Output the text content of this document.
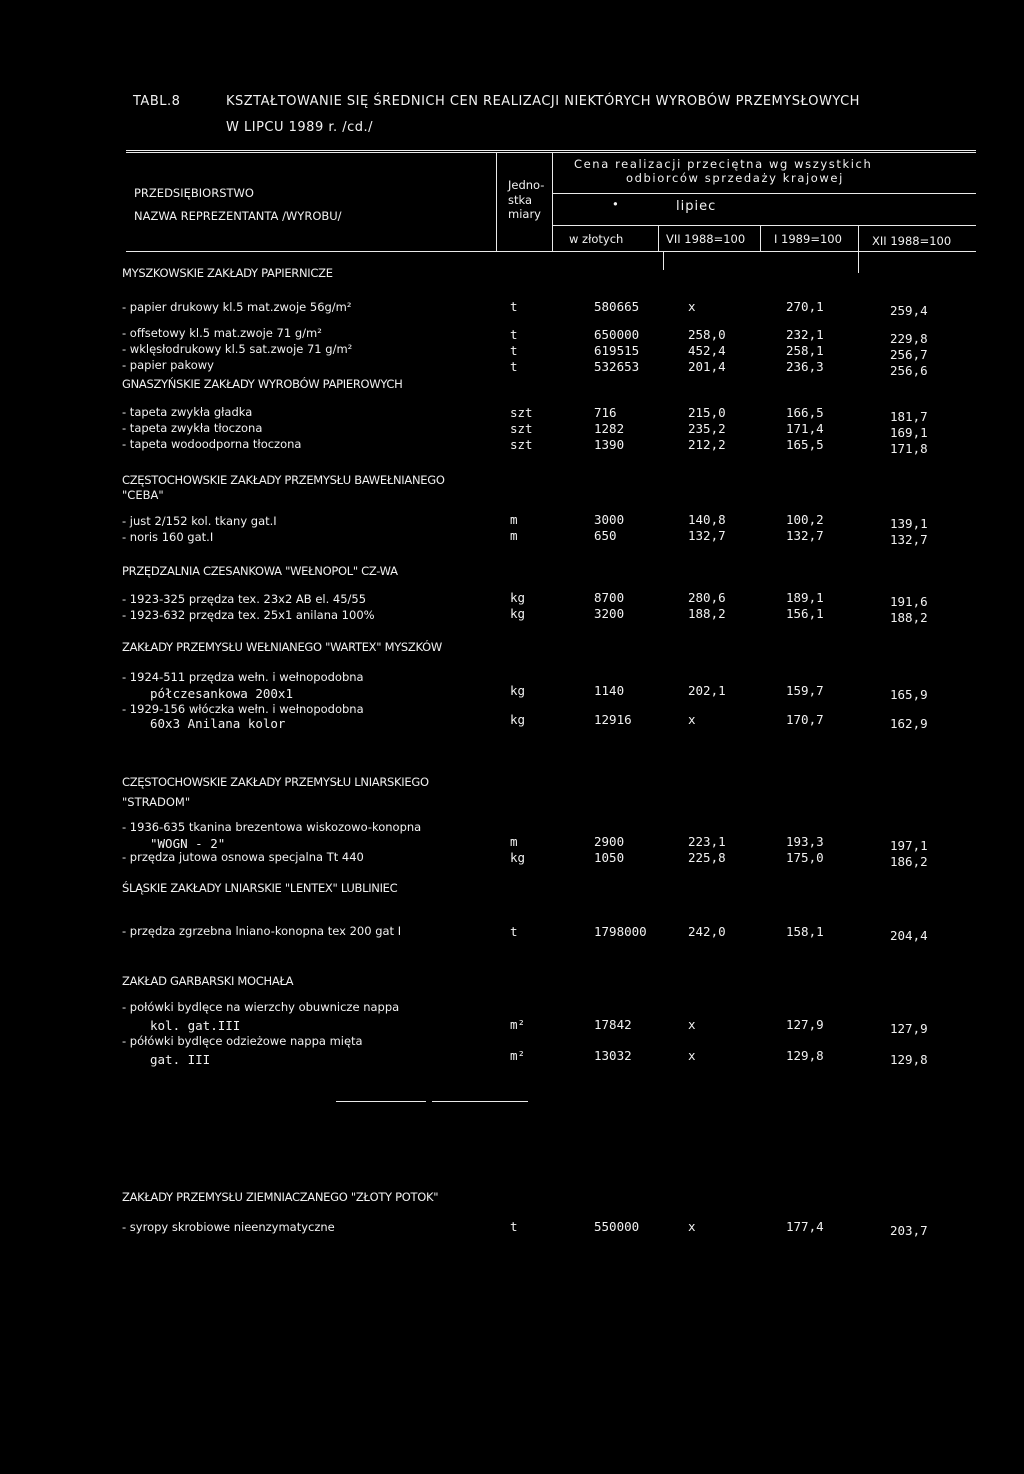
TABL.8	KSZTAŁTOWANIE SIĘ ŚREDNICH CEN REALIZACJI NIEKTÓRYCH WYROBÓW PRZEMYSŁOWYCH
W LIPCU 1989 r. /cd./
PRZEDSIĘBIORSTWO
NAZWA REPREZENTANTA /WYROBU/
Jedno-
stka
miary
Cena realizacji przeciętna wg wszystkich
odbiorców sprzedaży krajowej
•	lipiec
w złotych	VII 1988=100	I 1989=100	XII 1988=100
MYSZKOWSKIE ZAKŁADY PAPIERNICZE
- papier drukowy kl.5 mat.zwoje 56g/m²	t	580665	x	270,1	259,4
- offsetowy kl.5 mat.zwoje 71 g/m²	t	650000	258,0	232,1	229,8
- wklęsłodrukowy kl.5 sat.zwoje 71 g/m²	t	619515	452,4	258,1	256,7
- papier pakowy	t	532653	201,4	236,3	256,6
GNASZYŃSKIE ZAKŁADY WYROBÓW PAPIEROWYCH
- tapeta zwykła gładka	szt	716	215,0	166,5	181,7
- tapeta zwykła tłoczona	szt	1282	235,2	171,4	169,1
- tapeta wodoodporna tłoczona	szt	1390	212,2	165,5	171,8
CZĘSTOCHOWSKIE ZAKŁADY PRZEMYSŁU BAWEŁNIANEGO
"CEBA"
- just 2/152 kol. tkany gat.I	m	3000	140,8	100,2	139,1
- noris 160 gat.I	m	650	132,7	132,7	132,7
PRZĘDZALNIA CZESANKOWA "WEŁNOPOL" CZ-WA
- 1923-325 przędza tex. 23x2 AB el. 45/55	kg	8700	280,6	189,1	191,6
- 1923-632 przędza tex. 25x1 anilana 100%	kg	3200	188,2	156,1	188,2
ZAKŁADY PRZEMYSŁU WEŁNIANEGO "WARTEX" MYSZKÓW
- 1924-511 przędza wełn. i wełnopodobna
półczesankowa 200x1	kg	1140	202,1	159,7	165,9
- 1929-156 włóczka wełn. i wełnopodobna
60x3 Anilana kolor	kg	12916	x	170,7	162,9
CZĘSTOCHOWSKIE ZAKŁADY PRZEMYSŁU LNIARSKIEGO
"STRADOM"
- 1936-635 tkanina brezentowa wiskozowo-konopna
"WOGN - 2"	m	2900	223,1	193,3	197,1
- przędza jutowa osnowa specjalna Tt 440	kg	1050	225,8	175,0	186,2
ŚLĄSKIE ZAKŁADY LNIARSKIE "LENTEX" LUBLINIEC
- przędza zgrzebna lniano-konopna tex 200 gat I	t	1798000	242,0	158,1	204,4
ZAKŁAD GARBARSKI MOCHAŁA
- połówki bydlęce na wierzchy obuwnicze nappa
kol. gat.III	m²	17842	x	127,9	127,9
- półówki bydlęce odzieżowe nappa mięta
gat. III	m²	13032	x	129,8	129,8
ZAKŁADY PRZEMYSŁU ZIEMNIACZANEGO "ZŁOTY POTOK"
- syropy skrobiowe nieenzymatyczne	t	550000	x	177,4	203,7
